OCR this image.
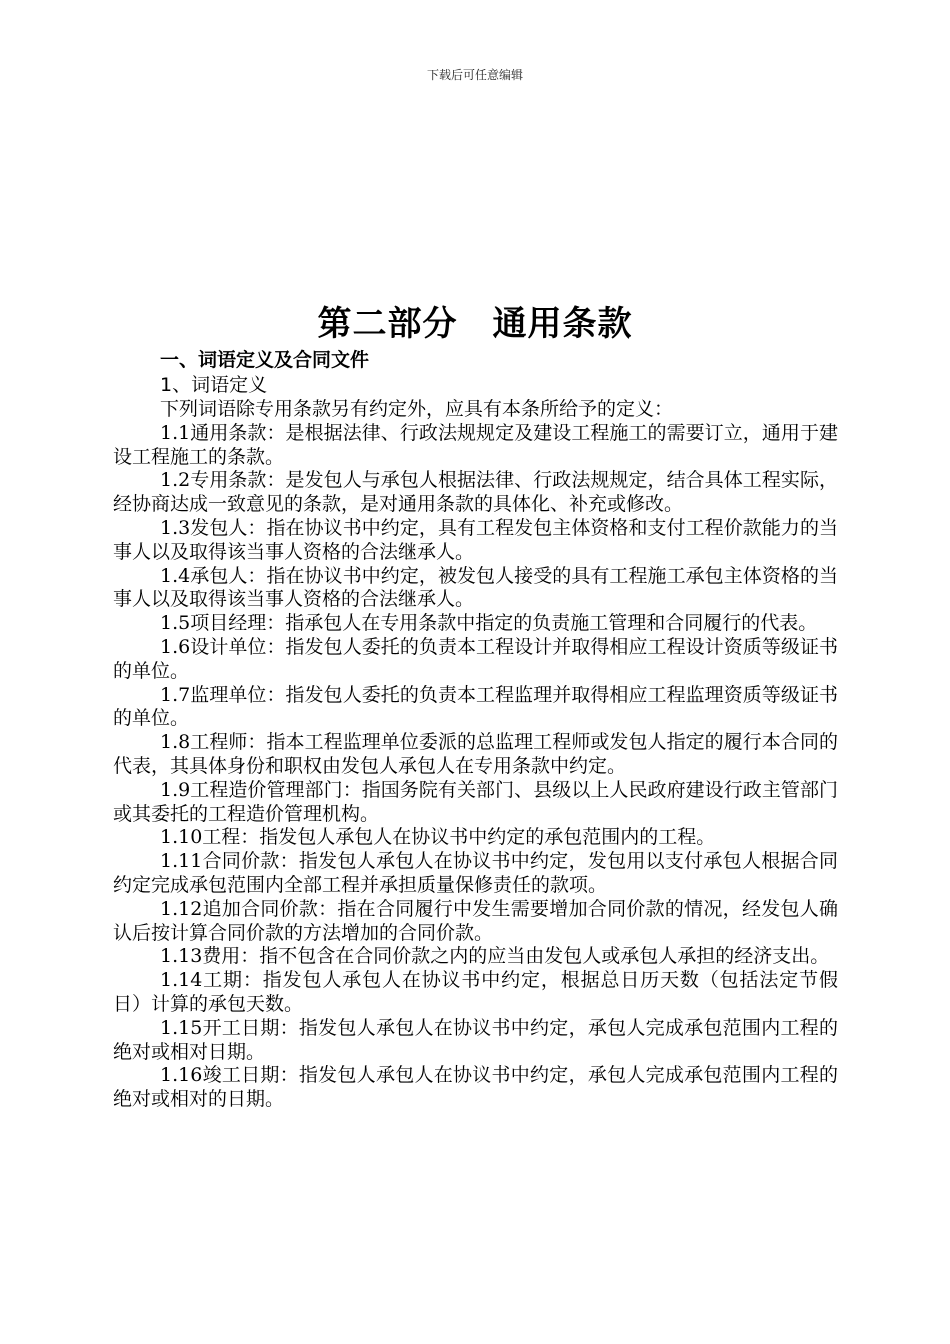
下载后可任意编辑
第二部分　通用条款

一、词语定义及合同文件

1、词语定义

下列词语除专用条款另有约定外，应具有本条所给予的定义：

1.1通用条款：是根据法律、行政法规规定及建设工程施工的需要订立，通用于建设工程施工的条款。

1.2专用条款：是发包人与承包人根据法律、行政法规规定，结合具体工程实际，经协商达成一致意见的条款，是对通用条款的具体化、补充或修改。

1.3发包人：指在协议书中约定，具有工程发包主体资格和支付工程价款能力的当事人以及取得该当事人资格的合法继承人。

1.4承包人：指在协议书中约定，被发包人接受的具有工程施工承包主体资格的当事人以及取得该当事人资格的合法继承人。

1.5项目经理：指承包人在专用条款中指定的负责施工管理和合同履行的代表。

1.6设计单位：指发包人委托的负责本工程设计并取得相应工程设计资质等级证书的单位。

1.7监理单位：指发包人委托的负责本工程监理并取得相应工程监理资质等级证书的单位。

1.8工程师：指本工程监理单位委派的总监理工程师或发包人指定的履行本合同的代表，其具体身份和职权由发包人承包人在专用条款中约定。

1.9工程造价管理部门：指国务院有关部门、县级以上人民政府建设行政主管部门或其委托的工程造价管理机构。

1.10工程：指发包人承包人在协议书中约定的承包范围内的工程。

1.11合同价款：指发包人承包人在协议书中约定，发包用以支付承包人根据合同约定完成承包范围内全部工程并承担质量保修责任的款项。

1.12追加合同价款：指在合同履行中发生需要增加合同价款的情况，经发包人确认后按计算合同价款的方法增加的合同价款。

1.13费用：指不包含在合同价款之内的应当由发包人或承包人承担的经济支出。

1.14工期：指发包人承包人在协议书中约定，根据总日历天数（包括法定节假日）计算的承包天数。

1.15开工日期：指发包人承包人在协议书中约定，承包人完成承包范围内工程的绝对或相对日期。

1.16竣工日期：指发包人承包人在协议书中约定，承包人完成承包范围内工程的绝对或相对的日期。
